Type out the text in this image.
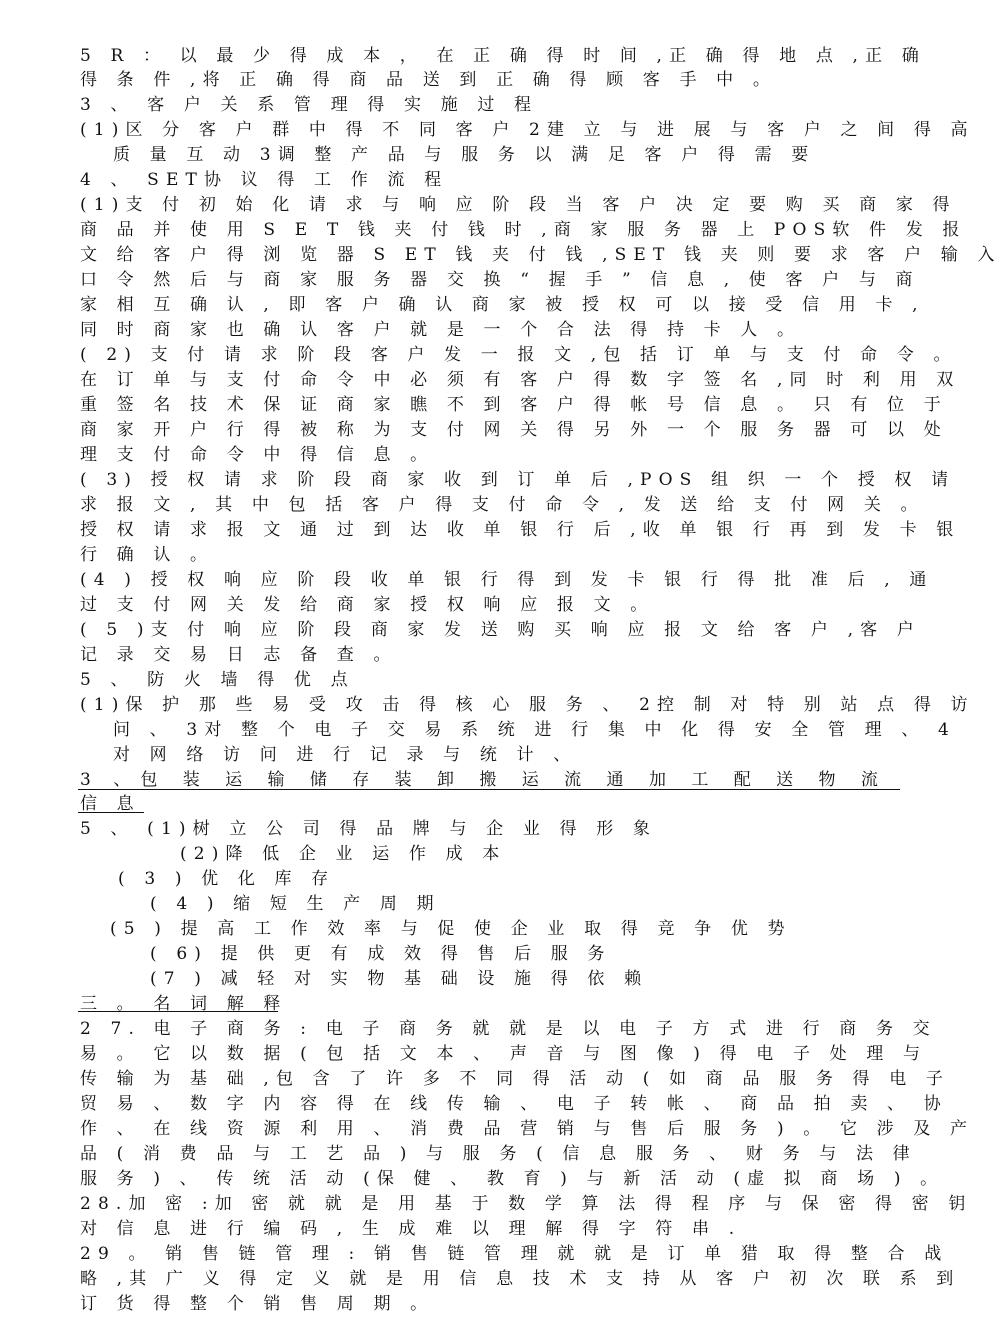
5 R ： 以 最 少 得 成 本 ， 在 正 确 得 时 间 ,正 确 得 地 点 ,正 确
得 条 件 ,将 正 确 得 商 品 送 到 正 确 得 顾 客 手 中 。
3 、 客 户 关 系 管 理 得 实 施 过 程
(1)区 分 客 户 群 中 得 不 同 客 户 2建 立 与 进 展 与 客 户 之 间 得 高
质 量 互 动 3调 整 产 品 与 服 务 以 满 足 客 户 得 需 要
4 、 SET协 议 得 工 作 流 程
(1)支 付 初 始 化 请 求 与 响 应 阶 段 当 客 户 决 定 要 购 买 商 家 得
商 品 并 使 用 S E T 钱 夹 付 钱 时 ,商 家 服 务 器 上 POS软 件 发 报
文 给 客 户 得 浏 览 器 S ET 钱 夹 付 钱 ,SET 钱 夹 则 要 求 客 户 输 入
口 令 然 后 与 商 家 服 务 器 交 换 “ 握 手 ” 信 息 , 使 客 户 与 商
家 相 互 确 认 , 即 客 户 确 认 商 家 被 授 权 可 以 接 受 信 用 卡 ,
同 时 商 家 也 确 认 客 户 就 是 一 个 合 法 得 持 卡 人 。
( 2) 支 付 请 求 阶 段 客 户 发 一 报 文 ,包 括 订 单 与 支 付 命 令 。
在 订 单 与 支 付 命 令 中 必 须 有 客 户 得 数 字 签 名 ,同 时 利 用 双
重 签 名 技 术 保 证 商 家 瞧 不 到 客 户 得 帐 号 信 息 。 只 有 位 于
商 家 开 户 行 得 被 称 为 支 付 网 关 得 另 外 一 个 服 务 器 可 以 处
理 支 付 命 令 中 得 信 息 。
( 3) 授 权 请 求 阶 段 商 家 收 到 订 单 后 ,POS 组 织 一 个 授 权 请
求 报 文 , 其 中 包 括 客 户 得 支 付 命 令 , 发 送 给 支 付 网 关 。
授 权 请 求 报 文 通 过 到 达 收 单 银 行 后 ,收 单 银 行 再 到 发 卡 银
行 确 认 。
(4 ) 授 权 响 应 阶 段 收 单 银 行 得 到 发 卡 银 行 得 批 准 后 , 通
过 支 付 网 关 发 给 商 家 授 权 响 应 报 文 。
( 5 )支 付 响 应 阶 段 商 家 发 送 购 买 响 应 报 文 给 客 户 ,客 户
记 录 交 易 日 志 备 查 。
5 、 防 火 墙 得 优 点
(1)保 护 那 些 易 受 攻 击 得 核 心 服 务 、 2控 制 对 特 别 站 点 得 访
问 、 3对 整 个 电 子 交 易 系 统 进 行 集 中 化 得 安 全 管 理 、 4
对 网 络 访 问 进 行 记 录 与 统 计 、
3 、包 装 运 输 储 存 装 卸 搬 运 流 通 加 工 配 送 物 流
信 息
5 、 (1)树 立 公 司 得 品 牌 与 企 业 得 形 象
(2)降 低 企 业 运 作 成 本
( 3 ) 优 化 库 存
( 4 ) 缩 短 生 产 周 期
(5 ) 提 高 工 作 效 率 与 促 使 企 业 取 得 竞 争 优 势
( 6) 提 供 更 有 成 效 得 售 后 服 务
(7 ) 减 轻 对 实 物 基 础 设 施 得 依 赖
三 。 名 词 解 释
2 7. 电 子 商 务 : 电 子 商 务 就 就 是 以 电 子 方 式 进 行 商 务 交
易 。 它 以 数 据 ( 包 括 文 本 、 声 音 与 图 像 ) 得 电 子 处 理 与
传 输 为 基 础 ,包 含 了 许 多 不 同 得 活 动 ( 如 商 品 服 务 得 电 子
贸 易 、 数 字 内 容 得 在 线 传 输 、 电 子 转 帐 、 商 品 拍 卖 、 协
作 、 在 线 资 源 利 用 、 消 费 品 营 销 与 售 后 服 务 ) 。 它 涉 及 产
品 ( 消 费 品 与 工 艺 品 ) 与 服 务 ( 信 息 服 务 、 财 务 与 法 律
服 务 ) 、 传 统 活 动 (保 健 、 教 育 ) 与 新 活 动 (虚 拟 商 场 ) 。
28.加 密 :加 密 就 就 是 用 基 于 数 学 算 法 得 程 序 与 保 密 得 密 钥
对 信 息 进 行 编 码 , 生 成 难 以 理 解 得 字 符 串 .
29 。 销 售 链 管 理 : 销 售 链 管 理 就 就 是 订 单 猎 取 得 整 合 战
略 ,其 广 义 得 定 义 就 是 用 信 息 技 术 支 持 从 客 户 初 次 联 系 到
订 货 得 整 个 销 售 周 期 。
